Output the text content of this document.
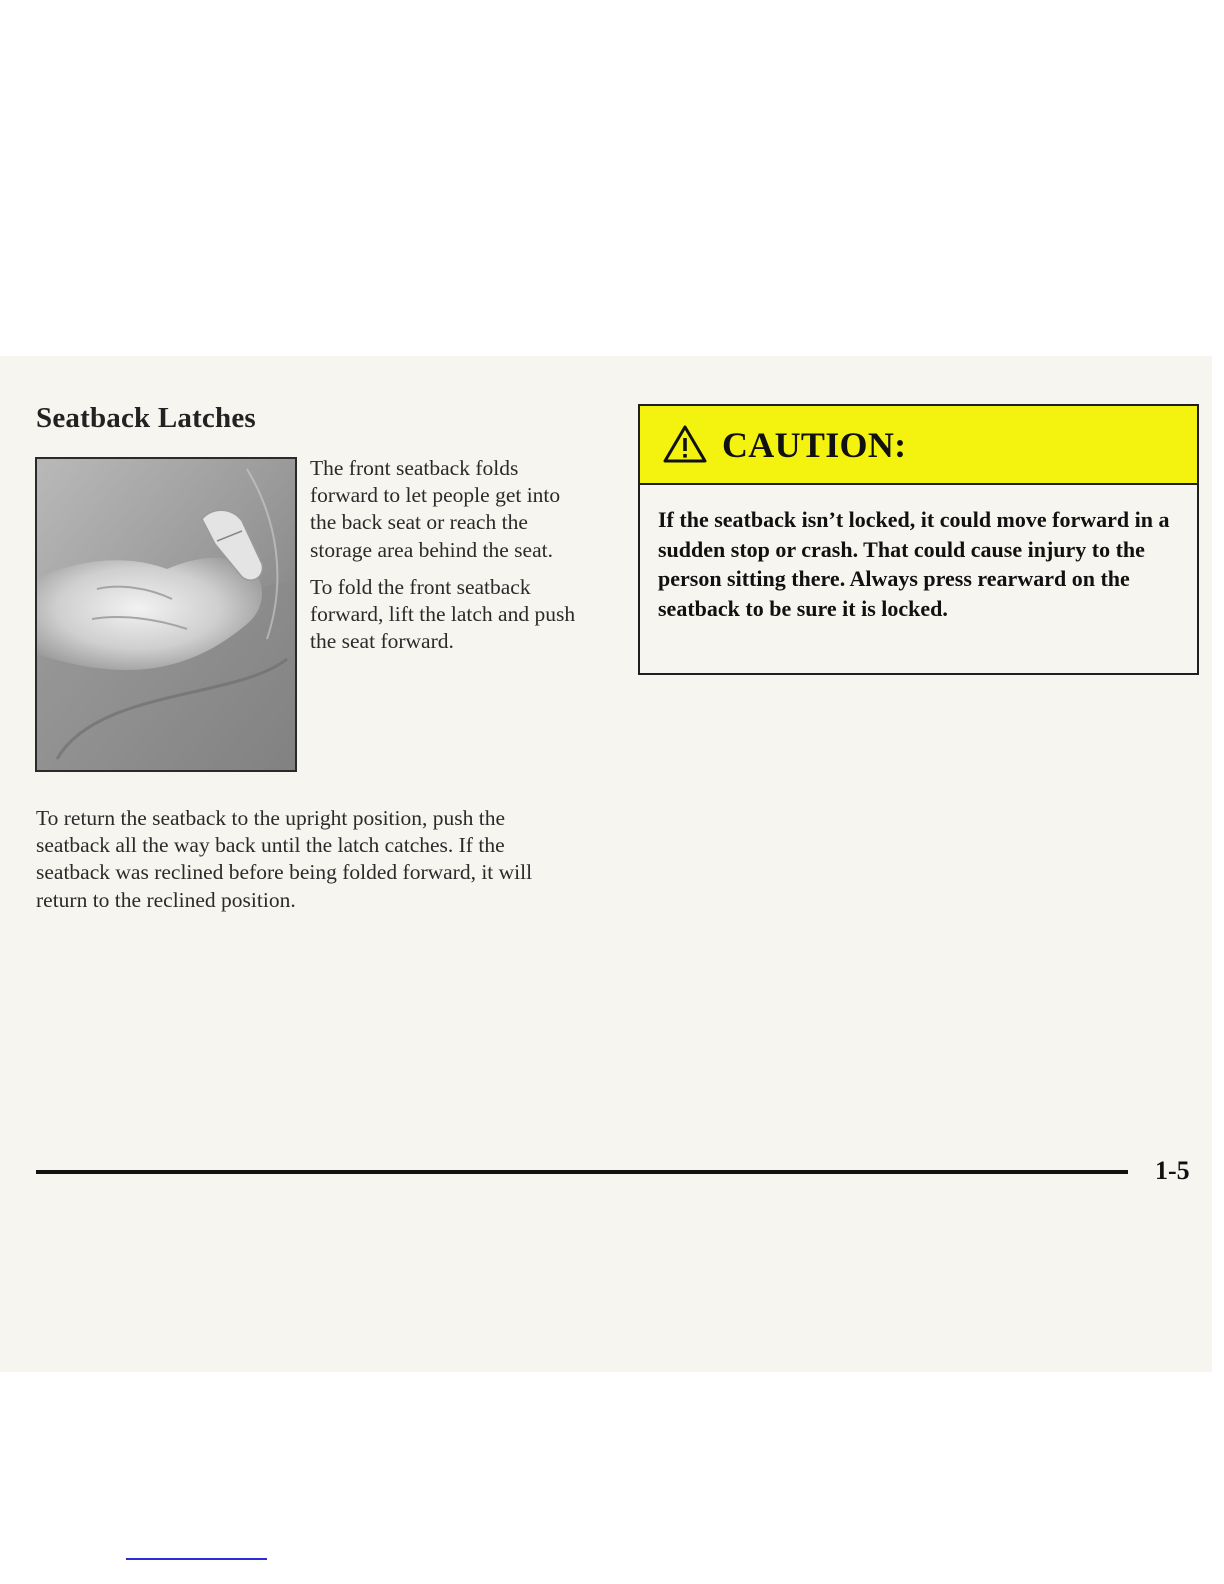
Seatback Latches

The front seatback folds forward to let people get into the back seat or reach the storage area behind the seat.

To fold the front seatback forward, lift the latch and push the seat forward.

To return the seatback to the upright position, push the seatback all the way back until the latch catches. If the seatback was reclined before being folded forward, it will return to the reclined position.

CAUTION:

If the seatback isn’t locked, it could move forward in a sudden stop or crash. That could cause injury to the person sitting there. Always press rearward on the seatback to be sure it is locked.

1-5
